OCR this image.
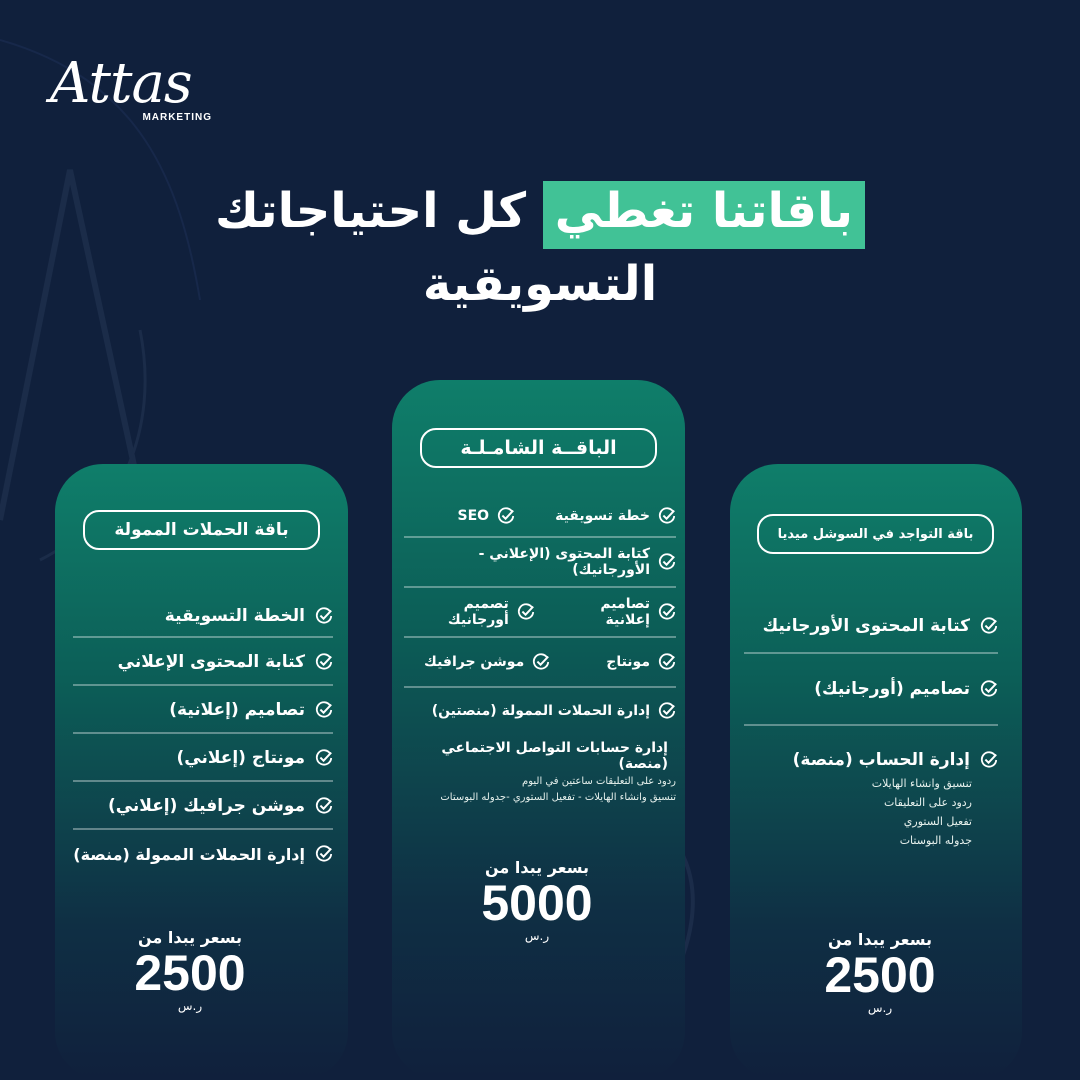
Attas
MARKETING
باقاتنا تغطي كل احتياجاتك
التسويقية
باقة الحملات الممولة
الخطة التسويقية
كتابة المحتوى الإعلاني
تصاميم (إعلانية)
مونتاج (إعلاني)
موشن جرافيك (إعلاني)
إدارة الحملات الممولة (منصة)
بسعر يبدا من
2500
ر.س
الباقــة الشامـلـة
خطة تسويقية
SEO
كتابة المحتوى (الإعلاني - الأورجانيك)
تصاميم إعلانية
تصميم أورجانيك
مونتاج
موشن جرافيك
إدارة الحملات الممولة (منصتين)
إدارة حسابات التواصل الاجتماعي (منصة)
ردود على التعليقات ساعتين في اليوم
تنسيق وانشاء الهايلات - تفعيل الستوري -جدوله البوستات
بسعر يبدا من
5000
ر.س
باقة التواجد في السوشل ميديا
كتابة المحتوى الأورجانيك
تصاميم (أورجانيك)
إدارة الحساب (منصة)
تنسيق وانشاء الهايلات
ردود على التعليقات
تفعيل الستوري
جدوله البوستات
بسعر يبدا من
2500
ر.س
